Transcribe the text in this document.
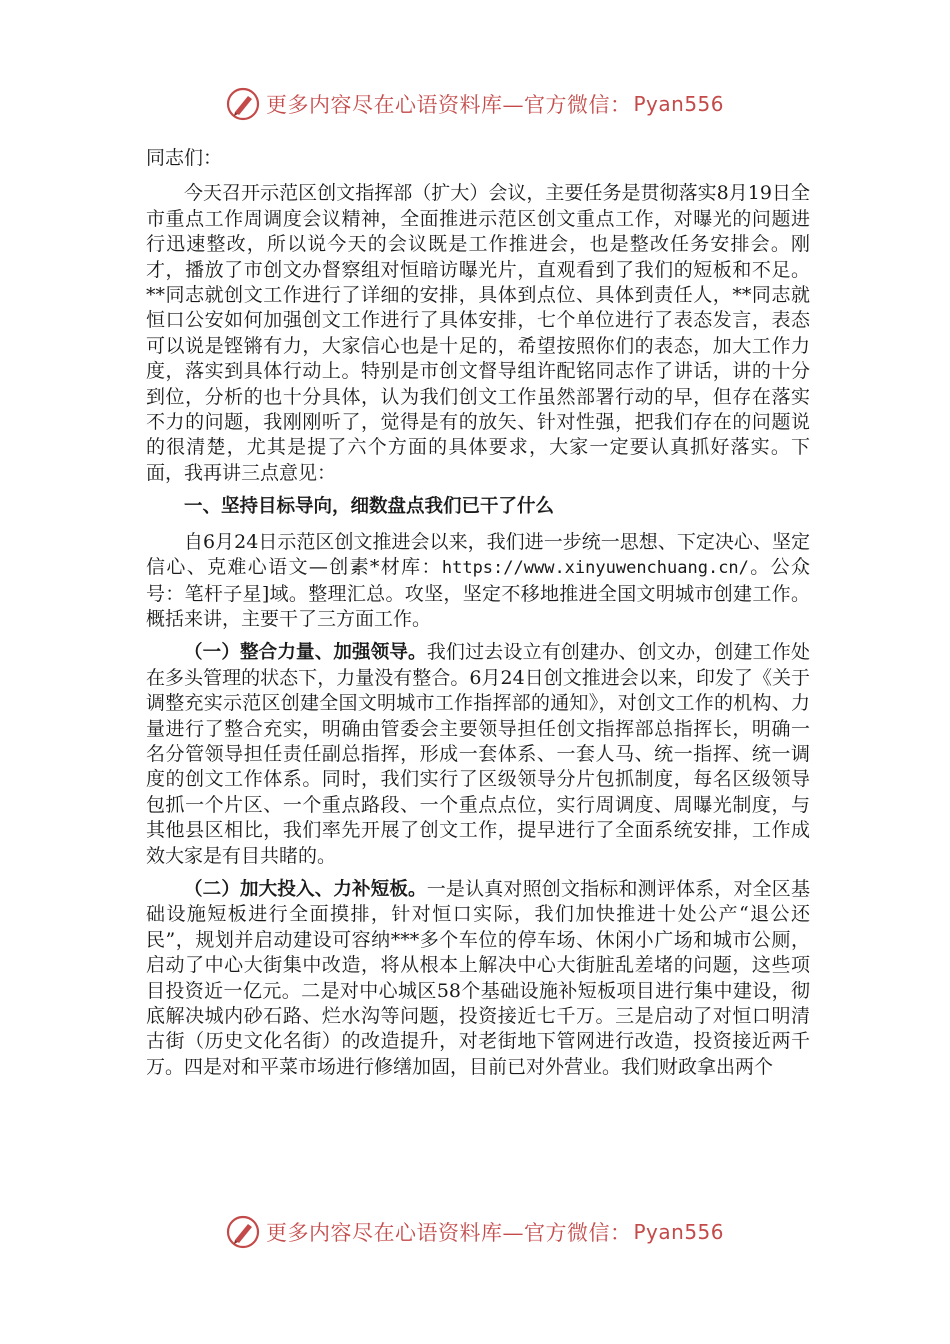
更多内容尽在心语资料库—官方微信： Pyan556

同志们：

今天召开示范区创文指挥部（扩大）会议，主要任务是贯彻落实8月19日全市重点工作周调度会议精神，全面推进示范区创文重点工作，对曝光的问题进行迅速整改，所以说今天的会议既是工作推进会，也是整改任务安排会。刚才，播放了市创文办督察组对恒暗访曝光片，直观看到了我们的短板和不足。**同志就创文工作进行了详细的安排，具体到点位、具体到责任人，**同志就恒口公安如何加强创文工作进行了具体安排，七个单位进行了表态发言，表态可以说是铿锵有力，大家信心也是十足的，希望按照你们的表态，加大工作力度，落实到具体行动上。特别是市创文督导组许配铭同志作了讲话，讲的十分到位，分析的也十分具体，认为我们创文工作虽然部署行动的早，但存在落实不力的问题，我刚刚听了，觉得是有的放矢、针对性强，把我们存在的问题说的很清楚，尤其是提了六个方面的具体要求，大家一定要认真抓好落实。下面，我再讲三点意见：

一、坚持目标导向，细数盘点我们已干了什么

自6月24日示范区创文推进会以来，我们进一步统一思想、下定决心、坚定信心、克难心语文—创素*材库：https://www.xinyuwenchuang.cn/。公众号：笔杆子星]域。整理汇总。攻坚，坚定不移地推进全国文明城市创建工作。概括来讲，主要干了三方面工作。

（一）整合力量、加强领导。我们过去设立有创建办、创文办，创建工作处在多头管理的状态下，力量没有整合。6月24日创文推进会以来，印发了《关于调整充实示范区创建全国文明城市工作指挥部的通知》，对创文工作的机构、力量进行了整合充实，明确由管委会主要领导担任创文指挥部总指挥长，明确一名分管领导担任责任副总指挥，形成一套体系、一套人马、统一指挥、统一调度的创文工作体系。同时，我们实行了区级领导分片包抓制度，每名区级领导包抓一个片区、一个重点路段、一个重点点位，实行周调度、周曝光制度，与其他县区相比，我们率先开展了创文工作，提早进行了全面系统安排，工作成效大家是有目共睹的。

（二）加大投入、力补短板。一是认真对照创文指标和测评体系，对全区基础设施短板进行全面摸排，针对恒口实际，我们加快推进十处公产“退公还民”，规划并启动建设可容纳***多个车位的停车场、休闲小广场和城市公厕，启动了中心大街集中改造，将从根本上解决中心大街脏乱差堵的问题，这些项目投资近一亿元。二是对中心城区58个基础设施补短板项目进行集中建设，彻底解决城内砂石路、烂水沟等问题，投资接近七千万。三是启动了对恒口明清古街（历史文化名街）的改造提升，对老街地下管网进行改造，投资接近两千万。四是对和平菜市场进行修缮加固，目前已对外营业。我们财政拿出两个

更多内容尽在心语资料库—官方微信： Pyan556
